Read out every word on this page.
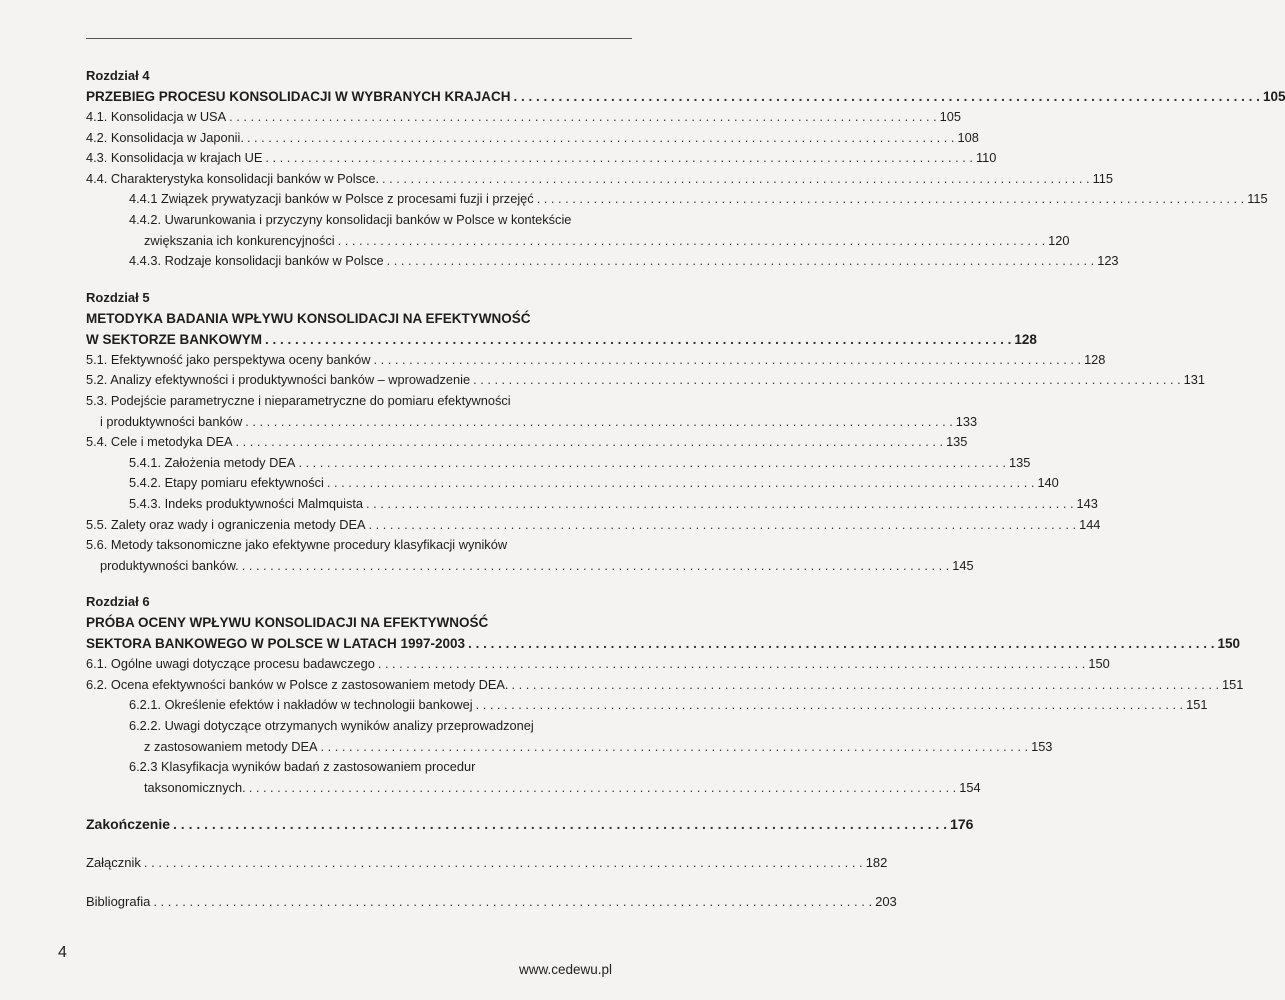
Rozdział 4
PRZEBIEG PROCESU KONSOLIDACJI W WYBRANYCH KRAJACH . . .	105
4.1. Konsolidacja w USA . . .	105
4.2. Konsolidacja w Japonii. . . .	108
4.3. Konsolidacja w krajach UE . . .	110
4.4. Charakterystyka konsolidacji banków w Polsce. . . .	115
4.4.1 Związek prywatyzacji banków w Polsce z procesami fuzji i przejęć . . .	115
4.4.2. Uwarunkowania i przyczyny konsolidacji banków w Polsce w kontekście
zwiększania ich konkurencyjności . . .	120
4.4.3. Rodzaje konsolidacji banków w Polsce . . .	123
Rozdział 5
METODYKA BADANIA WPŁYWU KONSOLIDACJI NA EFEKTYWNOŚĆ
W SEKTORZE BANKOWYM . . .	128
5.1. Efektywność jako perspektywa oceny banków . . .	128
5.2. Analizy efektywności i produktywności banków – wprowadzenie . . .	131
5.3. Podejście parametryczne i nieparametryczne do pomiaru efektywności
i produktywności banków . . .	133
5.4. Cele i metodyka DEA . . .	135
5.4.1. Założenia metody DEA . . .	135
5.4.2. Etapy pomiaru efektywności . . .	140
5.4.3. Indeks produktywności Malmquista . . .	143
5.5. Zalety oraz wady i ograniczenia metody DEA . . .	144
5.6. Metody taksonomiczne jako efektywne procedury klasyfikacji wyników
produktywności banków. . . .	145
Rozdział 6
PRÓBA OCENY WPŁYWU KONSOLIDACJI NA EFEKTYWNOŚĆ
SEKTORA BANKOWEGO W POLSCE W LATACH 1997-2003 . . .	150
6.1. Ogólne uwagi dotyczące procesu badawczego . . .	150
6.2. Ocena efektywności banków w Polsce z zastosowaniem metody DEA. . . .	151
6.2.1. Określenie efektów i nakładów w technologii bankowej . . .	151
6.2.2. Uwagi dotyczące otrzymanych wyników analizy przeprowadzonej
z zastosowaniem metody DEA . . .	153
6.2.3 Klasyfikacja wyników badań z zastosowaniem procedur
taksonomicznych. . . .	154
Zakończenie . . .	176
Załącznik . . .	182
Bibliografia . . .	203
4
www.cedewu.pl
